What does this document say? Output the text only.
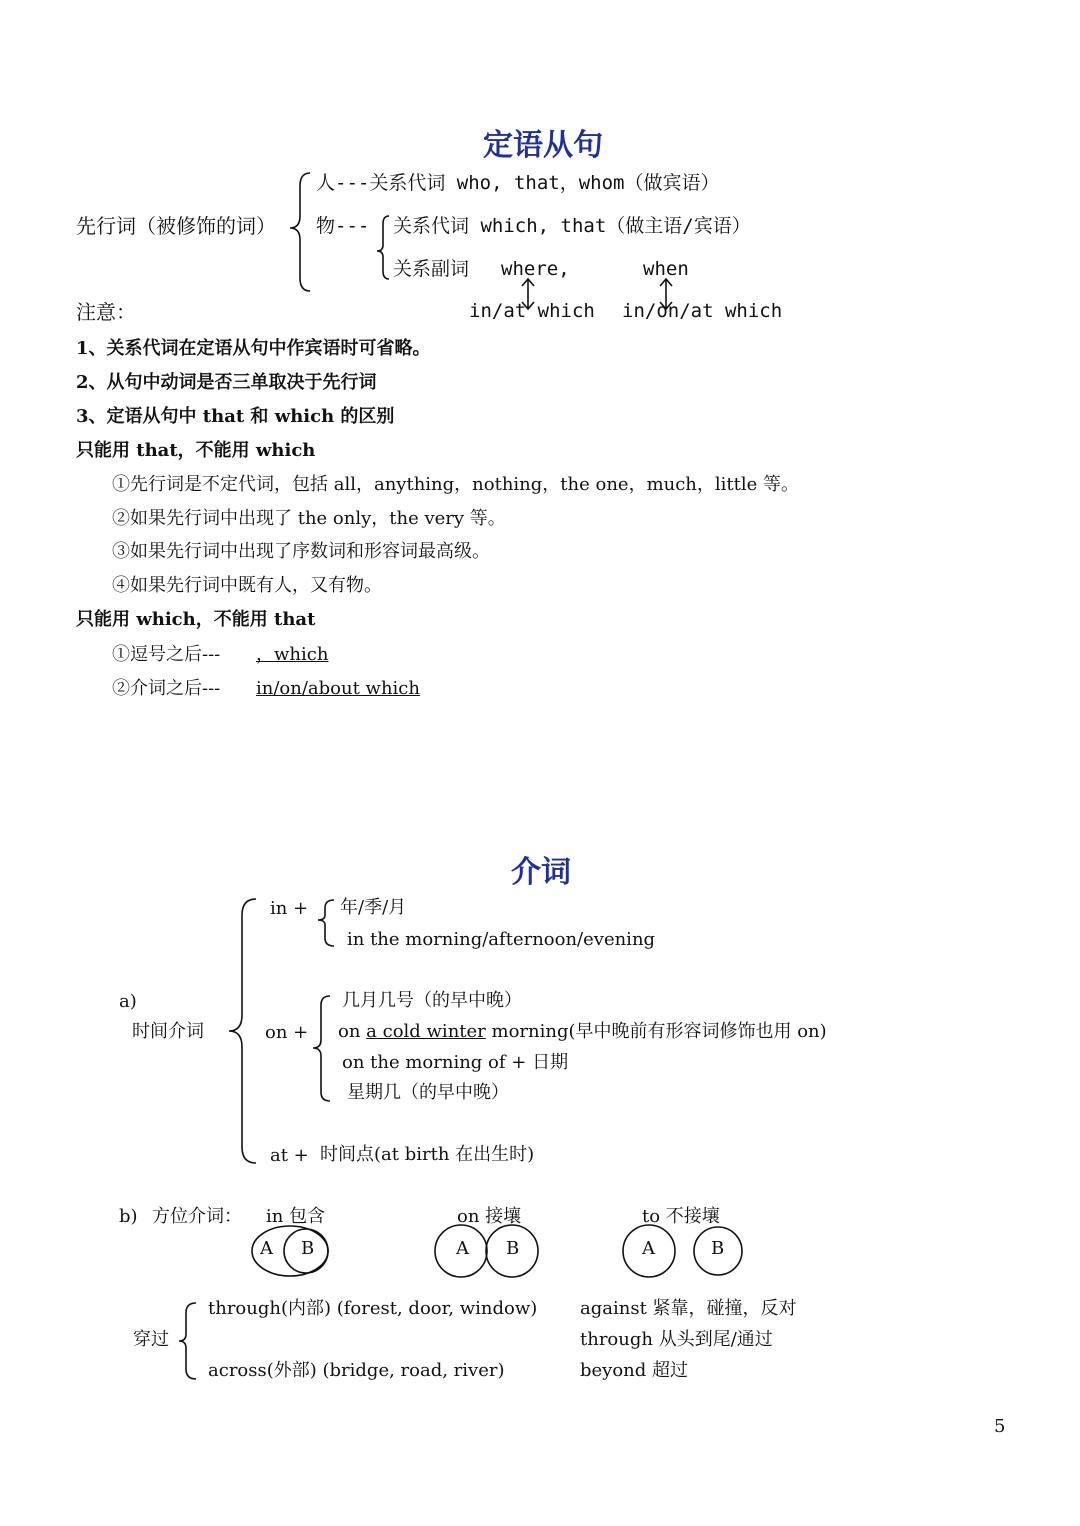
定语从句
先行词（被修饰的词）
人---关系代词 who, that，whom（做宾语）
物--- 关系代词 which, that（做主语/宾语）
关系副词 where,	when
注意：	in/at which in/on/at which
1、关系代词在定语从句中作宾语时可省略。
2、从句中动词是否三单取决于先行词
3、定语从句中 that 和 which 的区别
只能用 that，不能用 which
①先行词是不定代词，包括 all，anything，nothing，the one，much，little 等。
②如果先行词中出现了 the only，the very 等。
③如果先行词中出现了序数词和形容词最高级。
④如果先行词中既有人，又有物。
只能用 which，不能用 that
①逗号之后--- ，which
②介词之后--- in/on/about which
介词
in + 年/季/月
in the morning/afternoon/evening
a)
时间介词	on +
几月几号（的早中晚）
on a cold winter morning(早中晚前有形容词修饰也用 on)
on the morning of + 日期
星期几（的早中晚）
at + 时间点(at birth 在出生时)
b) 方位介词： in 包含	on 接壤	to 不接壤
A B	A B	A	B
穿过
through(内部) (forest, door, window)
across(外部) (bridge, road, river)
against 紧靠，碰撞，反对
through 从头到尾/通过
beyond 超过
5
